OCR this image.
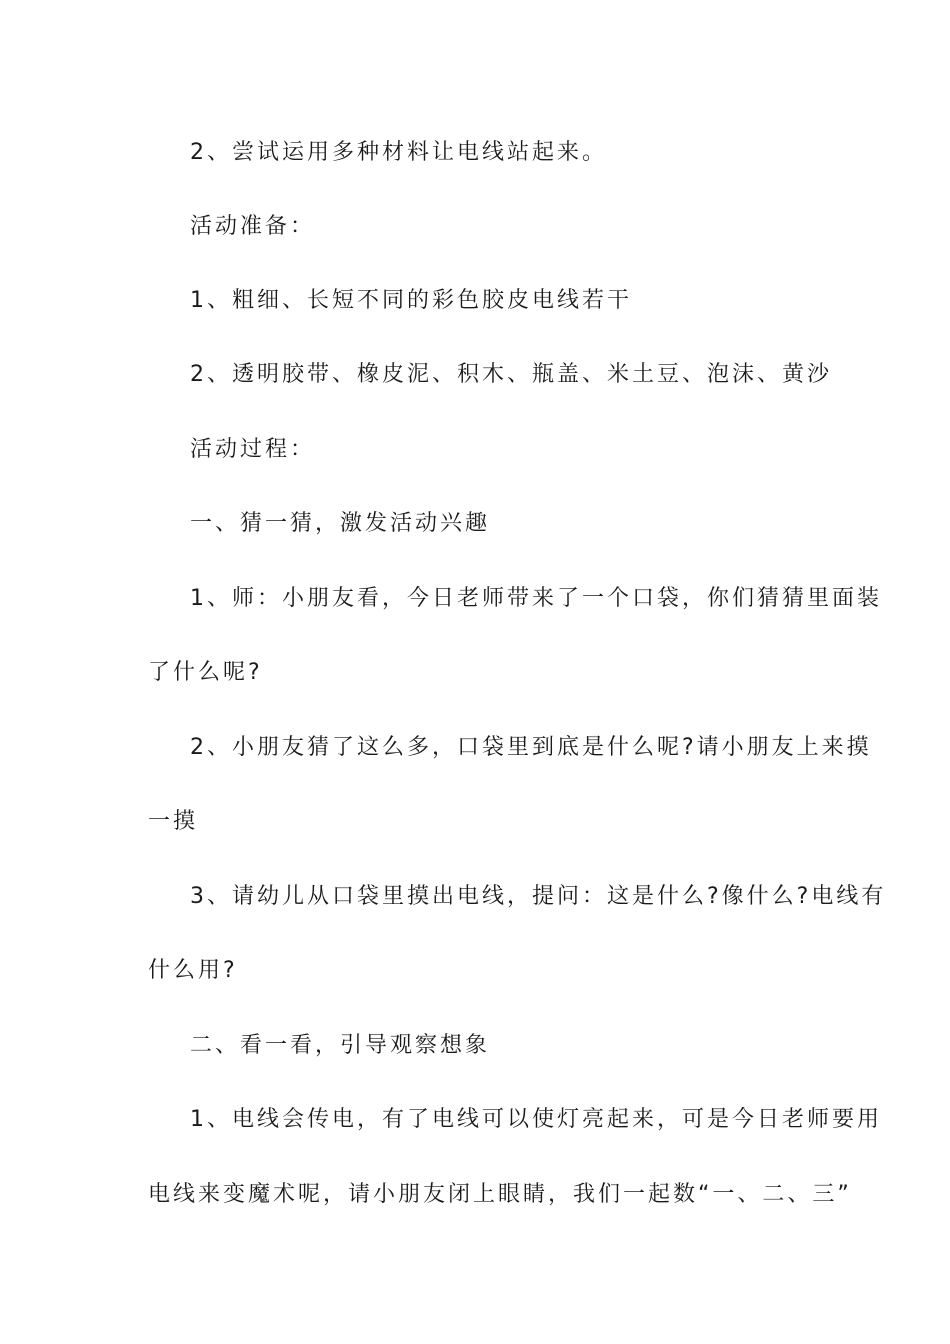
2、尝试运用多种材料让电线站起来。
活动准备：
1、粗细、长短不同的彩色胶皮电线若干
2、透明胶带、橡皮泥、积木、瓶盖、米土豆、泡沫、黄沙
活动过程：
一、猜一猜，激发活动兴趣
1、师：小朋友看，今日老师带来了一个口袋，你们猜猜里面装
了什么呢?
2、小朋友猜了这么多，口袋里到底是什么呢?请小朋友上来摸
一摸
3、请幼儿从口袋里摸出电线，提问：这是什么?像什么?电线有
什么用?
二、看一看，引导观察想象
1、电线会传电，有了电线可以使灯亮起来，可是今日老师要用
电线来变魔术呢，请小朋友闭上眼睛，我们一起数“一、二、三”
